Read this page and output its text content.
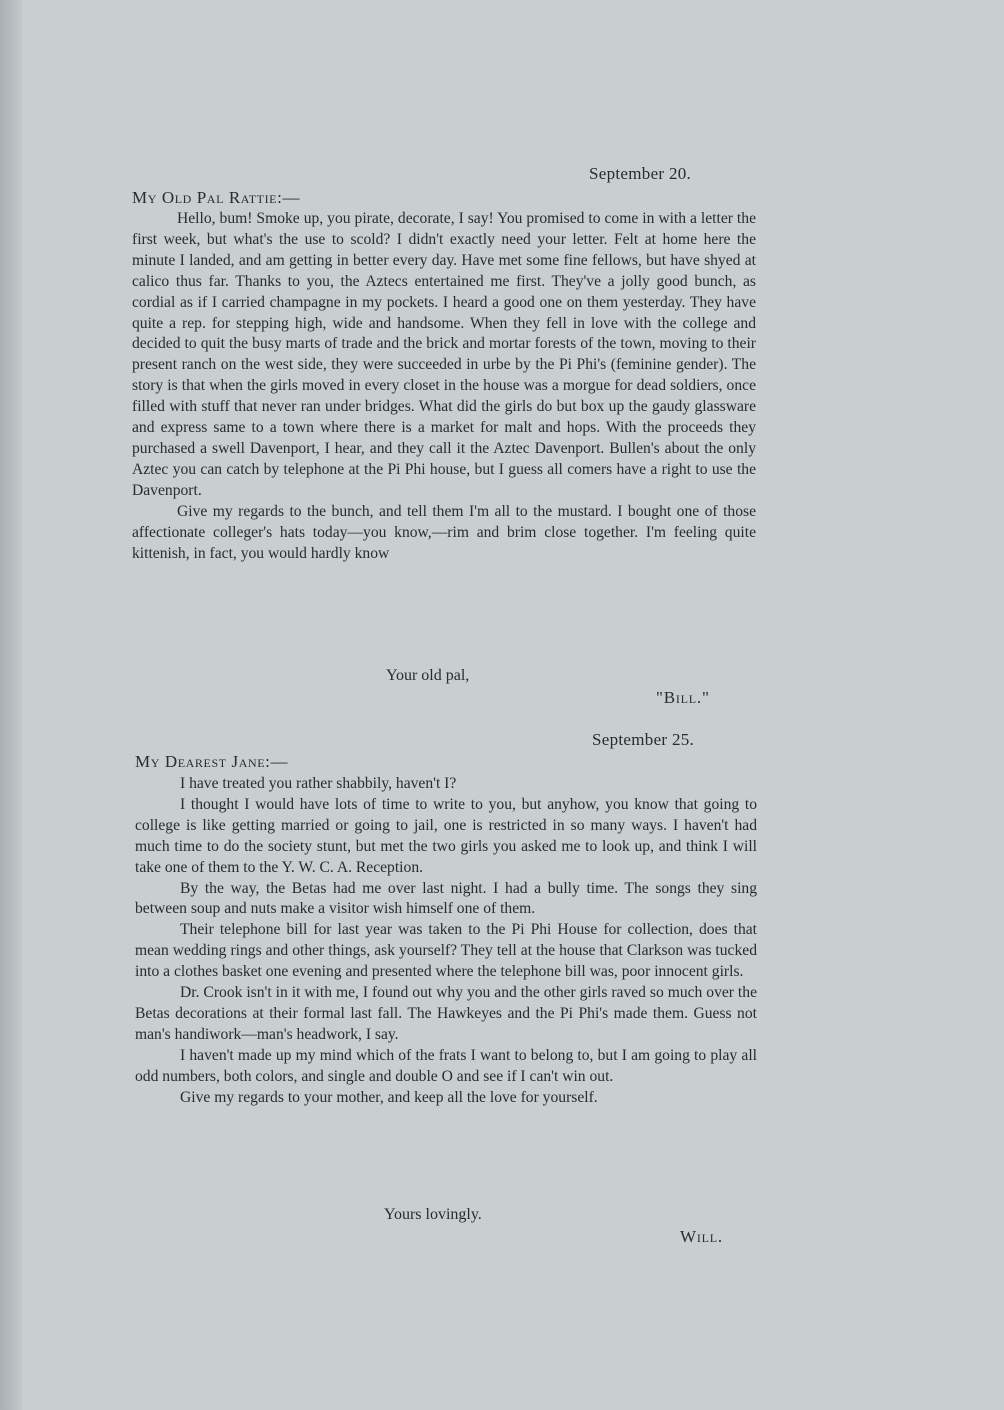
September 20.
My Old Pal Rattie:—

Hello, bum! Smoke up, you pirate, decorate, I say! You promised to come in with a letter the first week, but what's the use to scold? I didn't exactly need your letter. Felt at home here the minute I landed, and am getting in better every day. Have met some fine fellows, but have shyed at calico thus far. Thanks to you, the Aztecs entertained me first. They've a jolly good bunch, as cordial as if I carried champagne in my pockets. I heard a good one on them yesterday. They have quite a rep. for stepping high, wide and handsome. When they fell in love with the college and decided to quit the busy marts of trade and the brick and mortar forests of the town, moving to their present ranch on the west side, they were succeeded in urbe by the Pi Phi's (feminine gender). The story is that when the girls moved in every closet in the house was a morgue for dead soldiers, once filled with stuff that never ran under bridges. What did the girls do but box up the gaudy glassware and express same to a town where there is a market for malt and hops. With the proceeds they purchased a swell Davenport, I hear, and they call it the Aztec Davenport. Bullen's about the only Aztec you can catch by telephone at the Pi Phi house, but I guess all comers have a right to use the Davenport.

Give my regards to the bunch, and tell them I'm all to the mustard. I bought one of those affectionate colleger's hats today—you know,—rim and brim close together. I'm feeling quite kittenish, in fact, you would hardly know

Your old pal,
"Bill."
September 25.
My Dearest Jane:—

I have treated you rather shabbily, haven't I?

I thought I would have lots of time to write to you, but anyhow, you know that going to college is like getting married or going to jail, one is restricted in so many ways. I haven't had much time to do the society stunt, but met the two girls you asked me to look up, and think I will take one of them to the Y. W. C. A. Reception.

By the way, the Betas had me over last night. I had a bully time. The songs they sing between soup and nuts make a visitor wish himself one of them.

Their telephone bill for last year was taken to the Pi Phi House for collection, does that mean wedding rings and other things, ask yourself? They tell at the house that Clarkson was tucked into a clothes basket one evening and presented where the telephone bill was, poor innocent girls.

Dr. Crook isn't in it with me, I found out why you and the other girls raved so much over the Betas decorations at their formal last fall. The Hawkeyes and the Pi Phi's made them. Guess not man's handiwork—man's headwork, I say.

I haven't made up my mind which of the frats I want to belong to, but I am going to play all odd numbers, both colors, and single and double O and see if I can't win out.

Give my regards to your mother, and keep all the love for yourself.

Yours lovingly.
Will.
